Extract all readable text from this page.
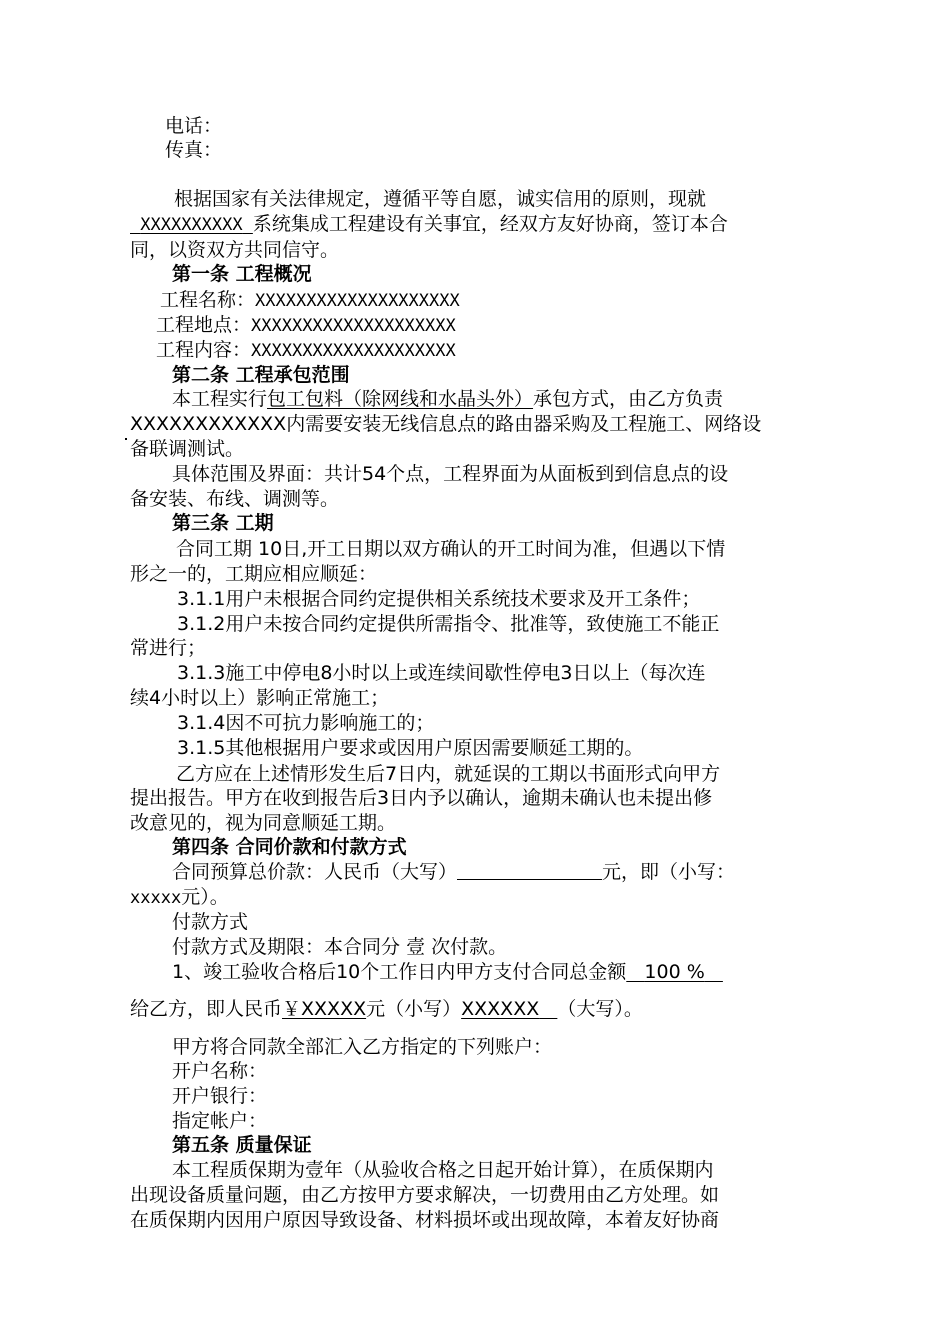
电话：
传真：
根据国家有关法律规定，遵循平等自愿，诚实信用的原则，现就
XXXXXXXXXX 系统集成工程建设有关事宜，经双方友好协商，签订本合
同，以资双方共同信守。
第一条 工程概况
工程名称：XXXXXXXXXXXXXXXXXXXX
工程地点：XXXXXXXXXXXXXXXXXXXX
工程内容：XXXXXXXXXXXXXXXXXXXX
第二条 工程承包范围
本工程实行包工包料（除网线和水晶头外）承包方式，由乙方负责
XXXXXXXXXXXX内需要安装无线信息点的路由器采购及工程施工、网络设
备联调测试。
具体范围及界面：共计54个点，工程界面为从面板到到信息点的设
备安装、布线、调测等。
第三条 工期
合同工期 10日,开工日期以双方确认的开工时间为准，但遇以下情
形之一的，工期应相应顺延：
3.1.1用户未根据合同约定提供相关系统技术要求及开工条件；
3.1.2用户未按合同约定提供所需指令、批准等，致使施工不能正
常进行；
3.1.3施工中停电8小时以上或连续间歇性停电3日以上（每次连
续4小时以上）影响正常施工；
3.1.4因不可抗力影响施工的；
3.1.5其他根据用户要求或因用户原因需要顺延工期的。
乙方应在上述情形发生后7日内，就延误的工期以书面形式向甲方
提出报告。甲方在收到报告后3日内予以确认，逾期未确认也未提出修
改意见的，视为同意顺延工期。
第四条 合同价款和付款方式
合同预算总价款：人民币（大写）	元，即（小写：
xxxxx元）。
付款方式
付款方式及期限：本合同分 壹 次付款。
1、竣工验收合格后10个工作日内甲方支付合同总金额 100 %
给乙方，即人民币￥XXXXX元（小写）XXXXXX （大写）。
甲方将合同款全部汇入乙方指定的下列账户：
开户名称：
开户银行：
指定帐户：
第五条 质量保证
本工程质保期为壹年（从验收合格之日起开始计算），在质保期内
出现设备质量问题，由乙方按甲方要求解决，一切费用由乙方处理。如
在质保期内因用户原因导致设备、材料损坏或出现故障，本着友好协商
